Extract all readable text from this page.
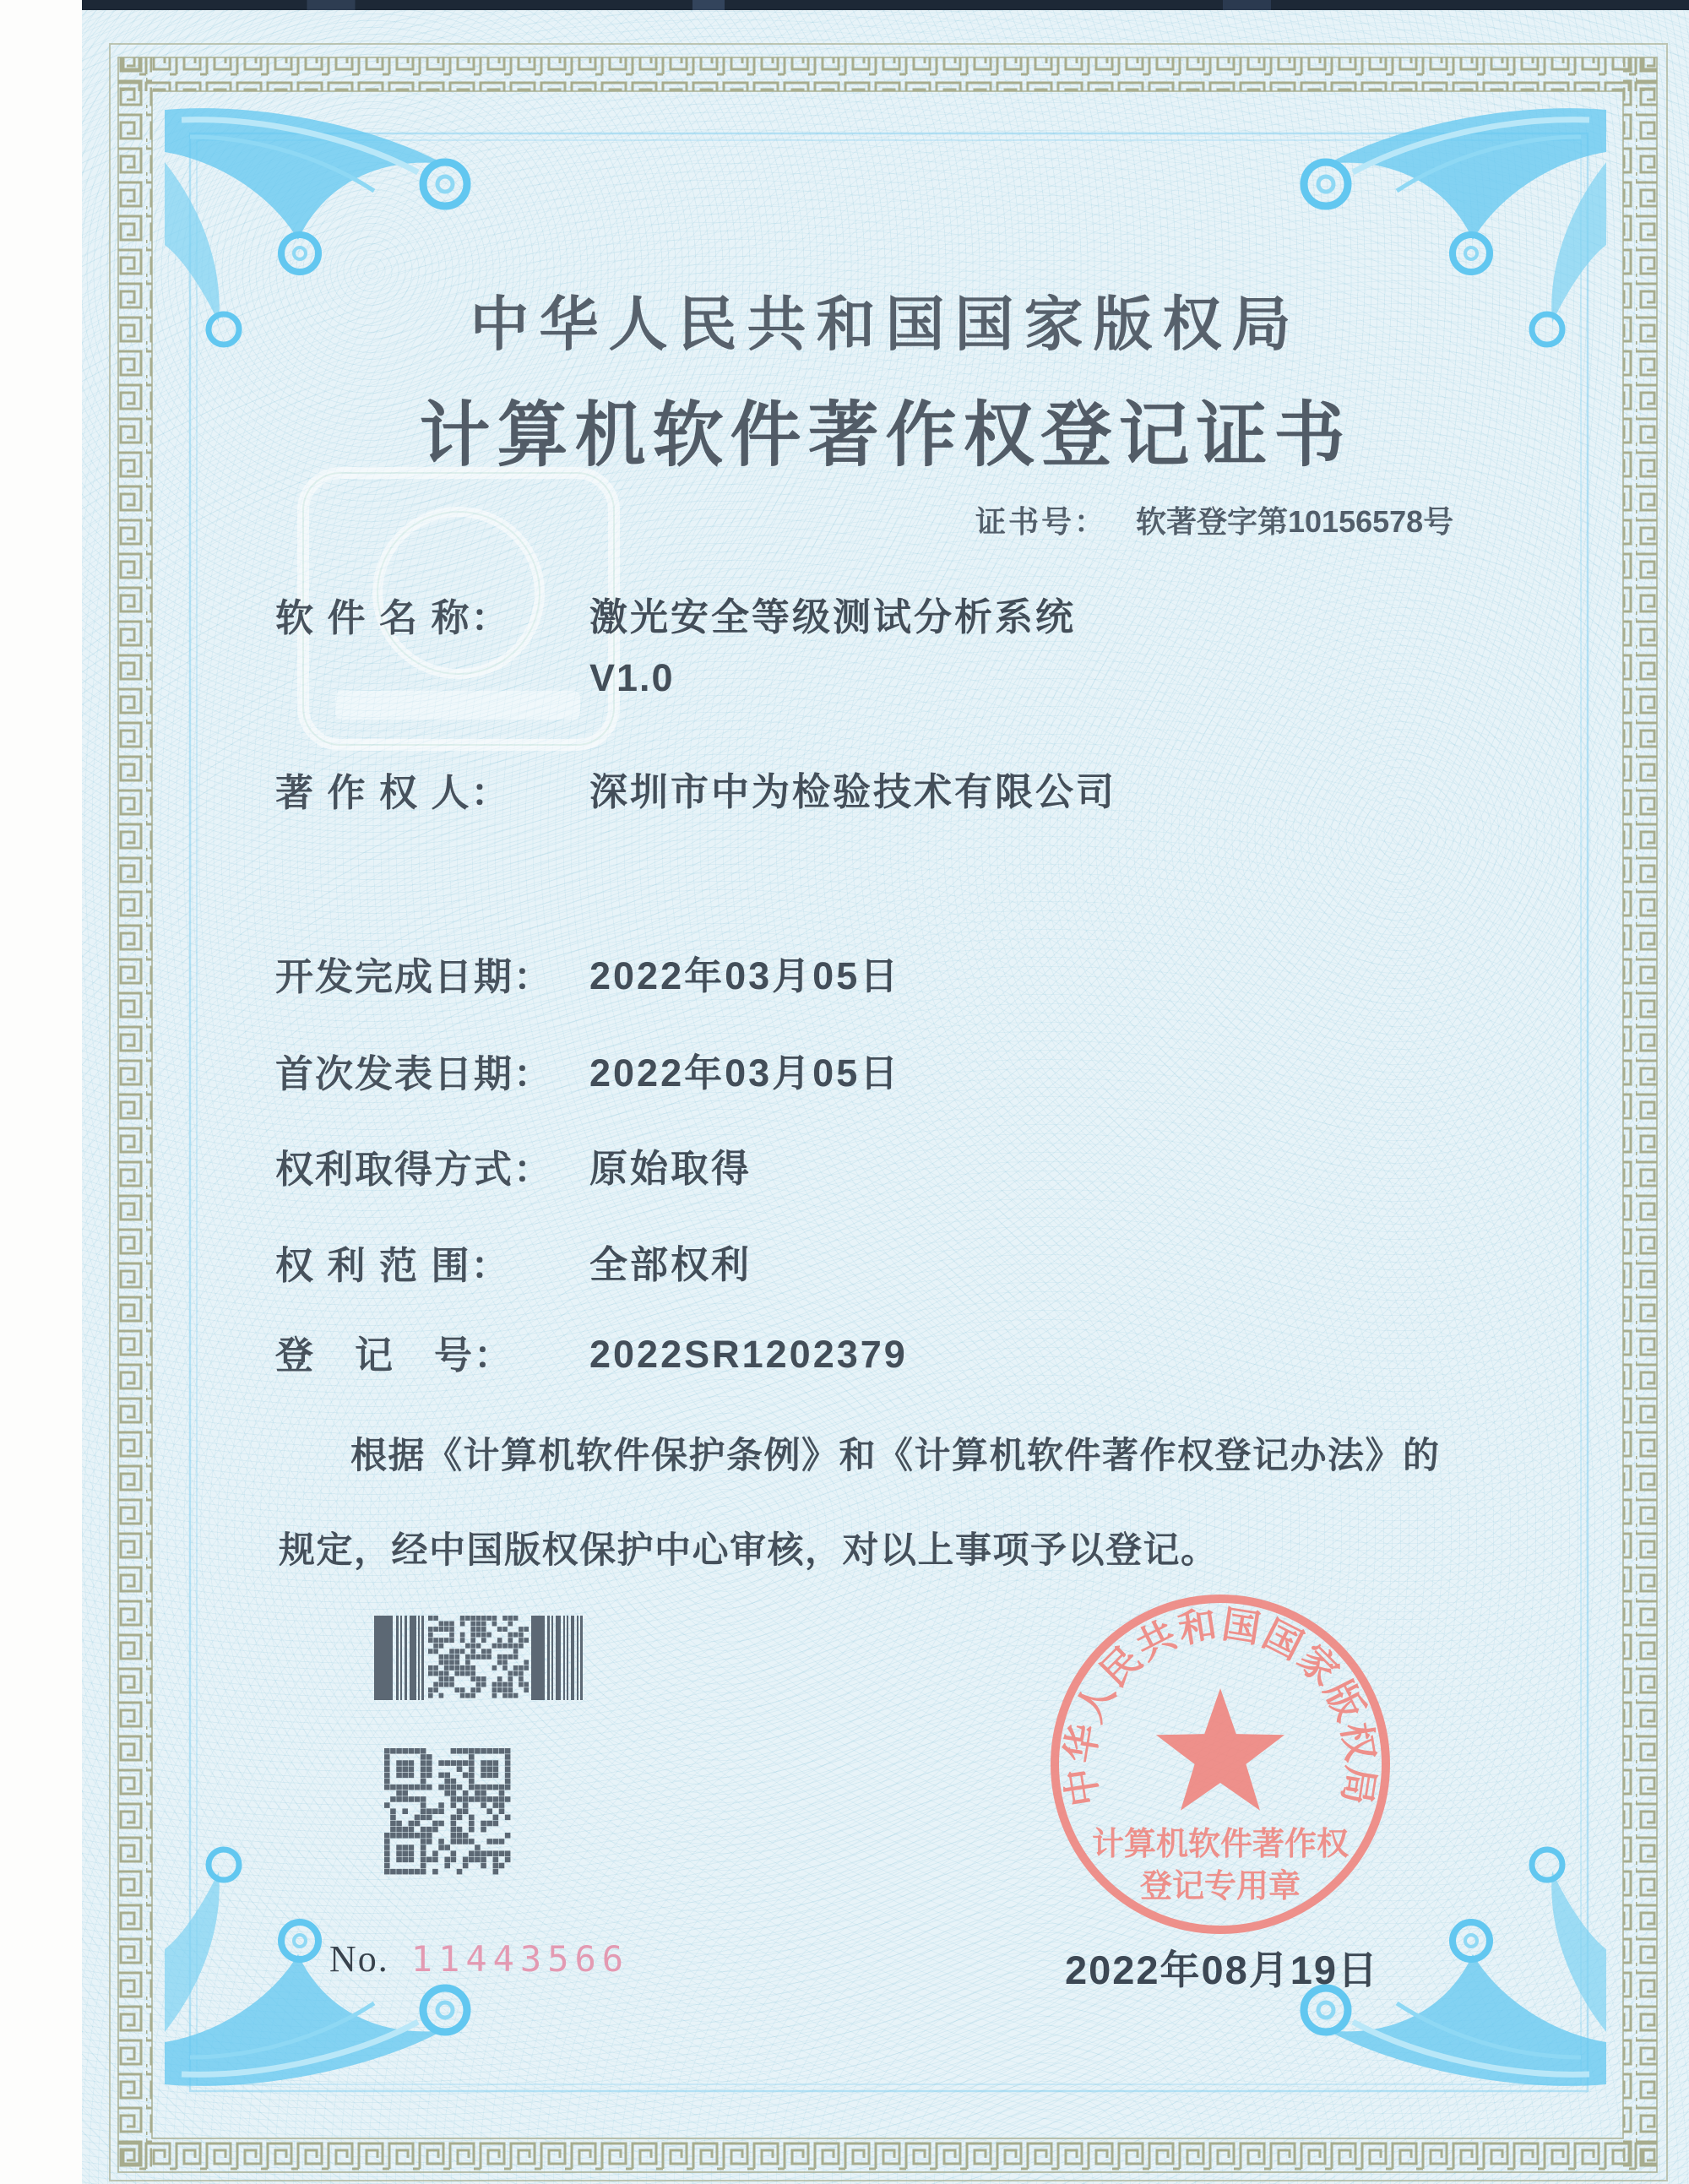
中华人民共和国国家版权局
计算机软件著作权登记证书
证书号： 软著登字第10156578号
软 件 名 称： 激光安全等级测试分析系统
V1.0
著 作 权 人： 深圳市中为检验技术有限公司
开发完成日期： 2022年03月05日
首次发表日期： 2022年03月05日
权利取得方式： 原始取得
权 利 范 围： 全部权利
登　记　号： 2022SR1202379
根据《计算机软件保护条例》和《计算机软件著作权登记办法》的
规定，经中国版权保护中心审核，对以上事项予以登记。
中华人民共和国国家版权局
计算机软件著作权
登记专用章
2022年08月19日
No. 11443566
